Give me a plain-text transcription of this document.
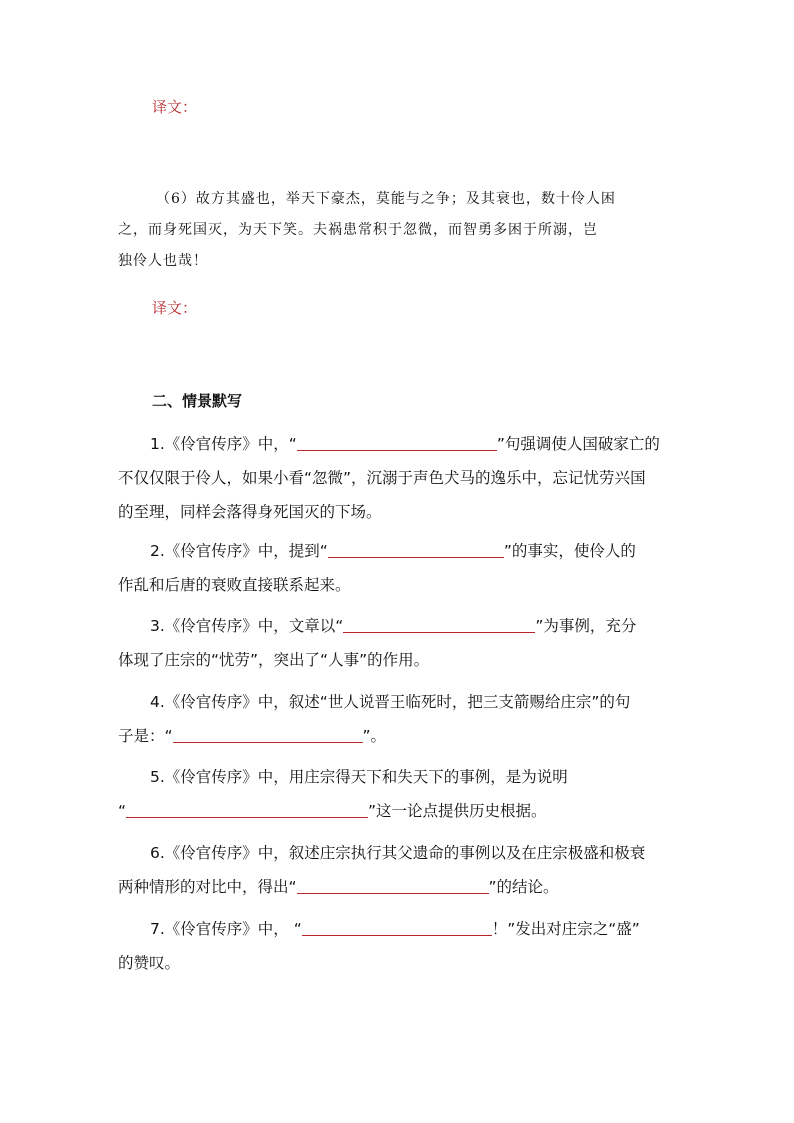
译文：
（6）故方其盛也，举天下豪杰，莫能与之争；及其衰也，数十伶人困
之，而身死国灭，为天下笑。夫祸患常积于忽微，而智勇多困于所溺，岂
独伶人也哉！
译文：
二、情景默写
1.《伶官传序》中，“	”句强调使人国破家亡的
不仅仅限于伶人，如果小看“忽微”，沉溺于声色犬马的逸乐中，忘记忧劳兴国
的至理，同样会落得身死国灭的下场。
2.《伶官传序》中，提到“	”的事实，使伶人的
作乱和后唐的衰败直接联系起来。
3.《伶官传序》中，文章以“	”为事例，充分
体现了庄宗的“忧劳”，突出了“人事”的作用。
4.《伶官传序》中，叙述“世人说晋王临死时，把三支箭赐给庄宗”的句
子是：“	”。
5.《伶官传序》中，用庄宗得天下和失天下的事例，是为说明
“	”这一论点提供历史根据。
6.《伶官传序》中，叙述庄宗执行其父遗命的事例以及在庄宗极盛和极衰
两种情形的对比中，得出“	”的结论。
7.《伶官传序》中， “	！”发出对庄宗之“盛”
的赞叹。
